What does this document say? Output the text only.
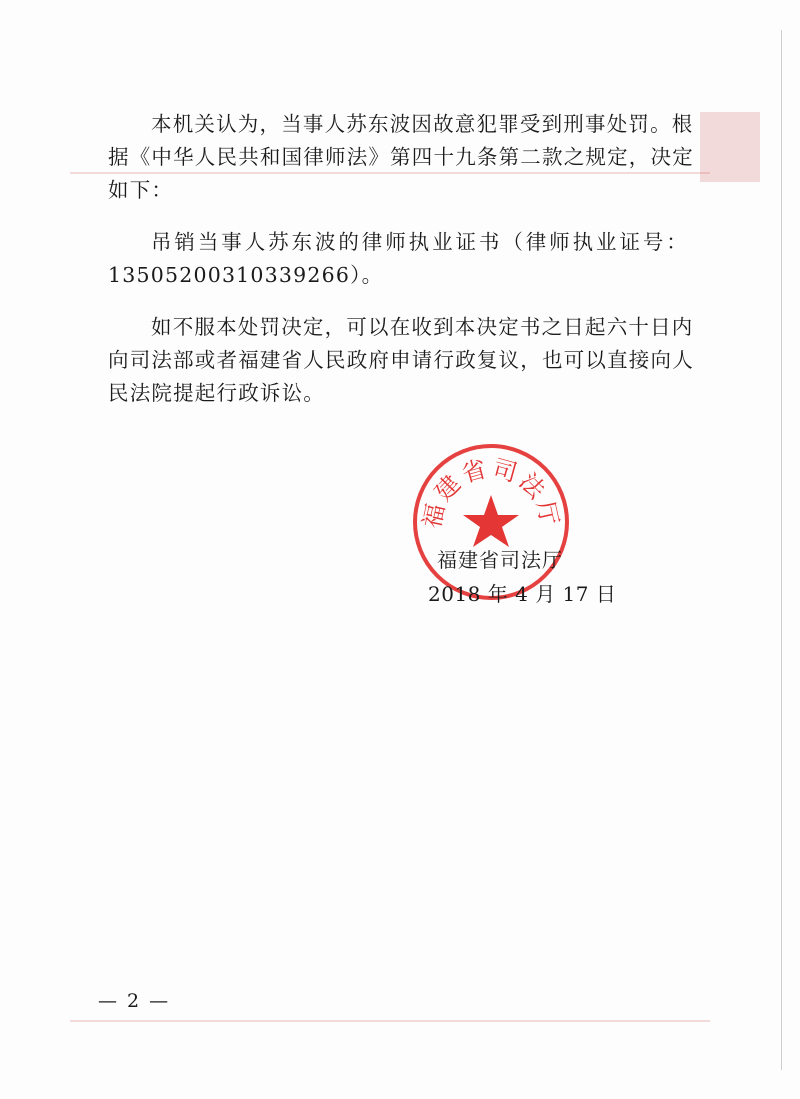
本机关认为，当事人苏东波因故意犯罪受到刑事处罚。根
据《中华人民共和国律师法》第四十九条第二款之规定，决定
如下：
吊销当事人苏东波的律师执业证书（律师执业证号：
13505200310339266）。
如不服本处罚决定，可以在收到本决定书之日起六十日内
向司法部或者福建省人民政府申请行政复议，也可以直接向人
民法院提起行政诉讼。
福建省司法厅
福建省司法厅
2018 年 4 月 17 日
— 2 —
